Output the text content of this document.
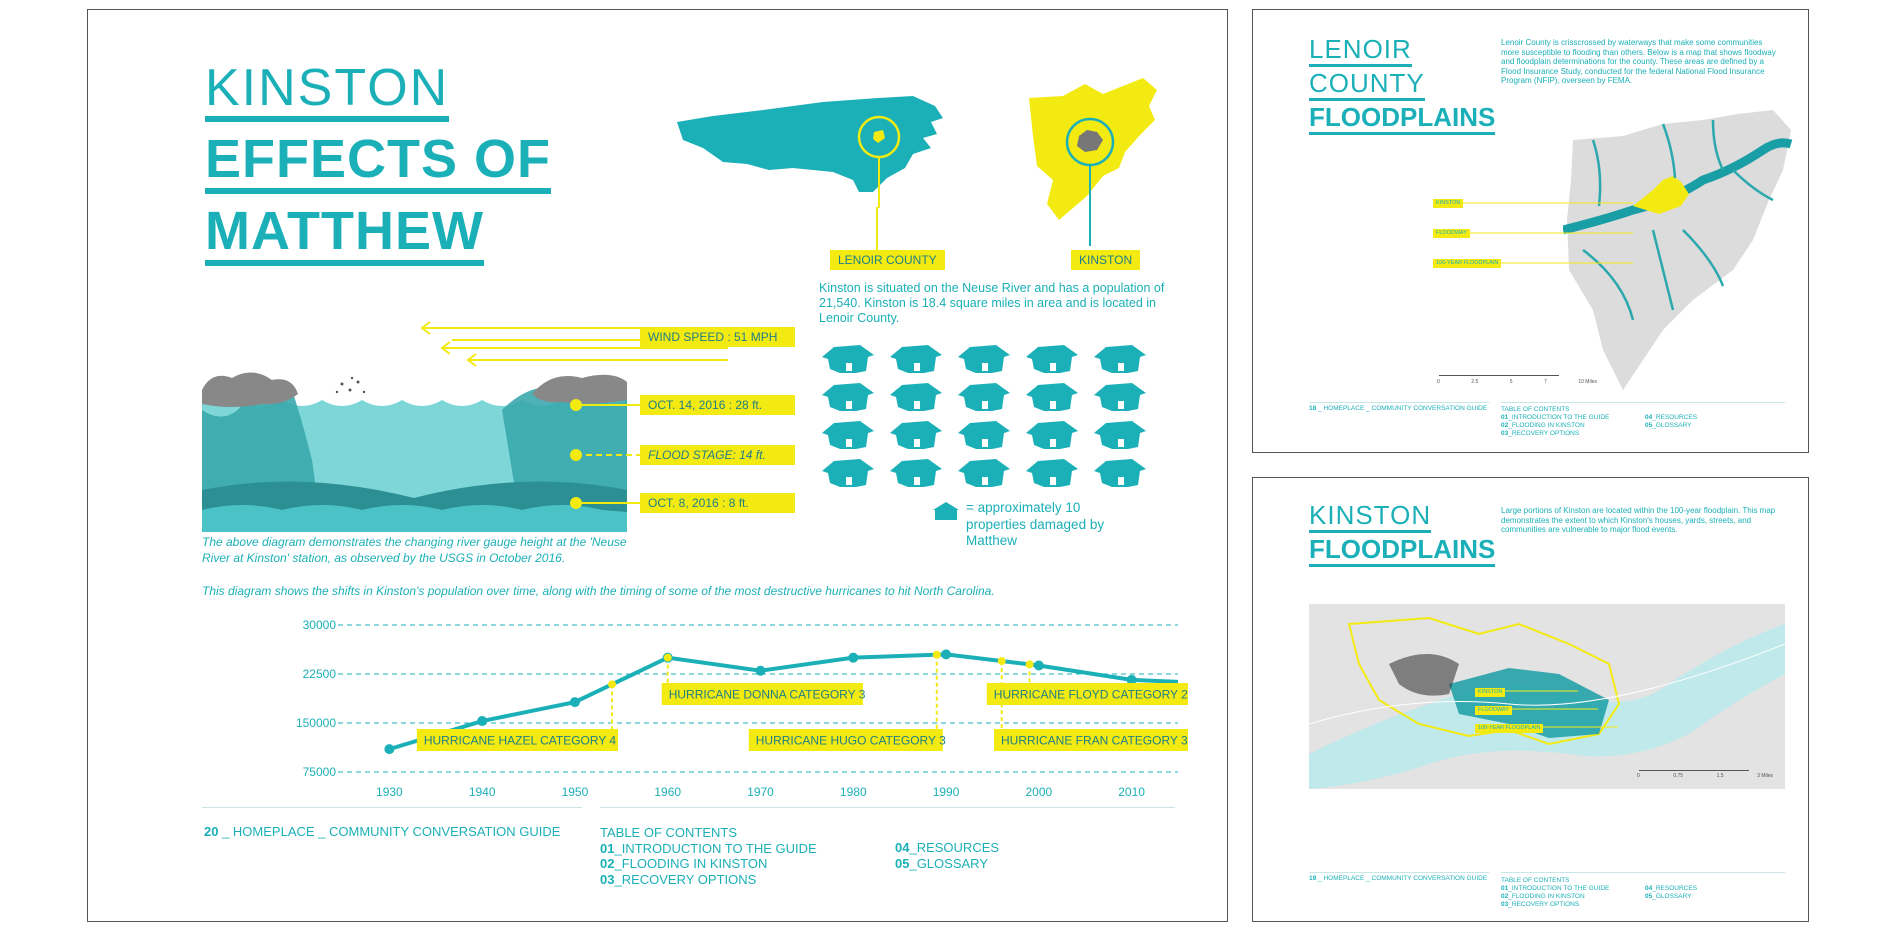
KINSTON
EFFECTS OF
MATTHEW	LENOIR COUNTY	KINSTON
Kinston is situated on the Neuse River and has a population of 21,540. Kinston is 18.4 square miles in area and is located in Lenoir County.
= approximately 10 properties damaged by Matthew
WIND SPEED : 51 MPH
OCT. 14, 2016 : 28 ft.
FLOOD STAGE: 14 ft.
OCT. 8, 2016 : 8 ft.
The above diagram demonstrates the changing river gauge height at the 'Neuse River at Kinston' station, as observed by the USGS in October 2016.
This diagram shows the shifts in Kinston's population over time, along with the timing of some of the most destructive hurricanes to hit North Carolina.
30000
22500
150000
75000
1930	1940	1950	1960	1970	1980	1990	2000	2010
HURRICANE HAZEL CATEGORY 4
HURRICANE DONNA CATEGORY 3
HURRICANE HUGO CATEGORY 3	HURRICANE FRAN CATEGORY 3
HURRICANE FLOYD CATEGORY 2
20 _ HOMEPLACE _ COMMUNITY CONVERSATION GUIDE	TABLE OF CONTENTS
01_INTRODUCTION TO THE GUIDE
02_FLOODING IN KINSTON
03_RECOVERY OPTIONS
04_RESOURCES
05_GLOSSARY
LENOIR
COUNTY
FLOODPLAINS
Lenoir County is crisscrossed by waterways that make some communities more susceptible to flooding than others. Below is a map that shows floodway and floodplain determinations for the county. These areas are defined by a Flood Insurance Study, conducted for the federal National Flood Insurance Program (NFIP), overseen by FEMA.
KINSTON
FLOODWAY
100-YEAR FLOODPLAIN
0	2.5	5	7	10 Miles
18 _ HOMEPLACE _ COMMUNITY CONVERSATION GUIDE TABLE OF CONTENTS
01_INTRODUCTION TO THE GUIDE
02_FLOODING IN KINSTON
03_RECOVERY OPTIONS
04_RESOURCES
05_GLOSSARY
KINSTON
FLOODPLAINS
Large portions of Kinston are located within the 100-year floodplain. This map demonstrates the extent to which Kinston's houses, yards, streets, and communities are vulnerable to major flood events.
KINSTON
FLOODWAY
100-YEAR FLOODPLAIN
0	0.75	1.5	3 Miles
19 _ HOMEPLACE _ COMMUNITY CONVERSATION GUIDE TABLE OF CONTENTS
01_INTRODUCTION TO THE GUIDE
02_FLOODING IN KINSTON
03_RECOVERY OPTIONS
04_RESOURCES
05_GLOSSARY
